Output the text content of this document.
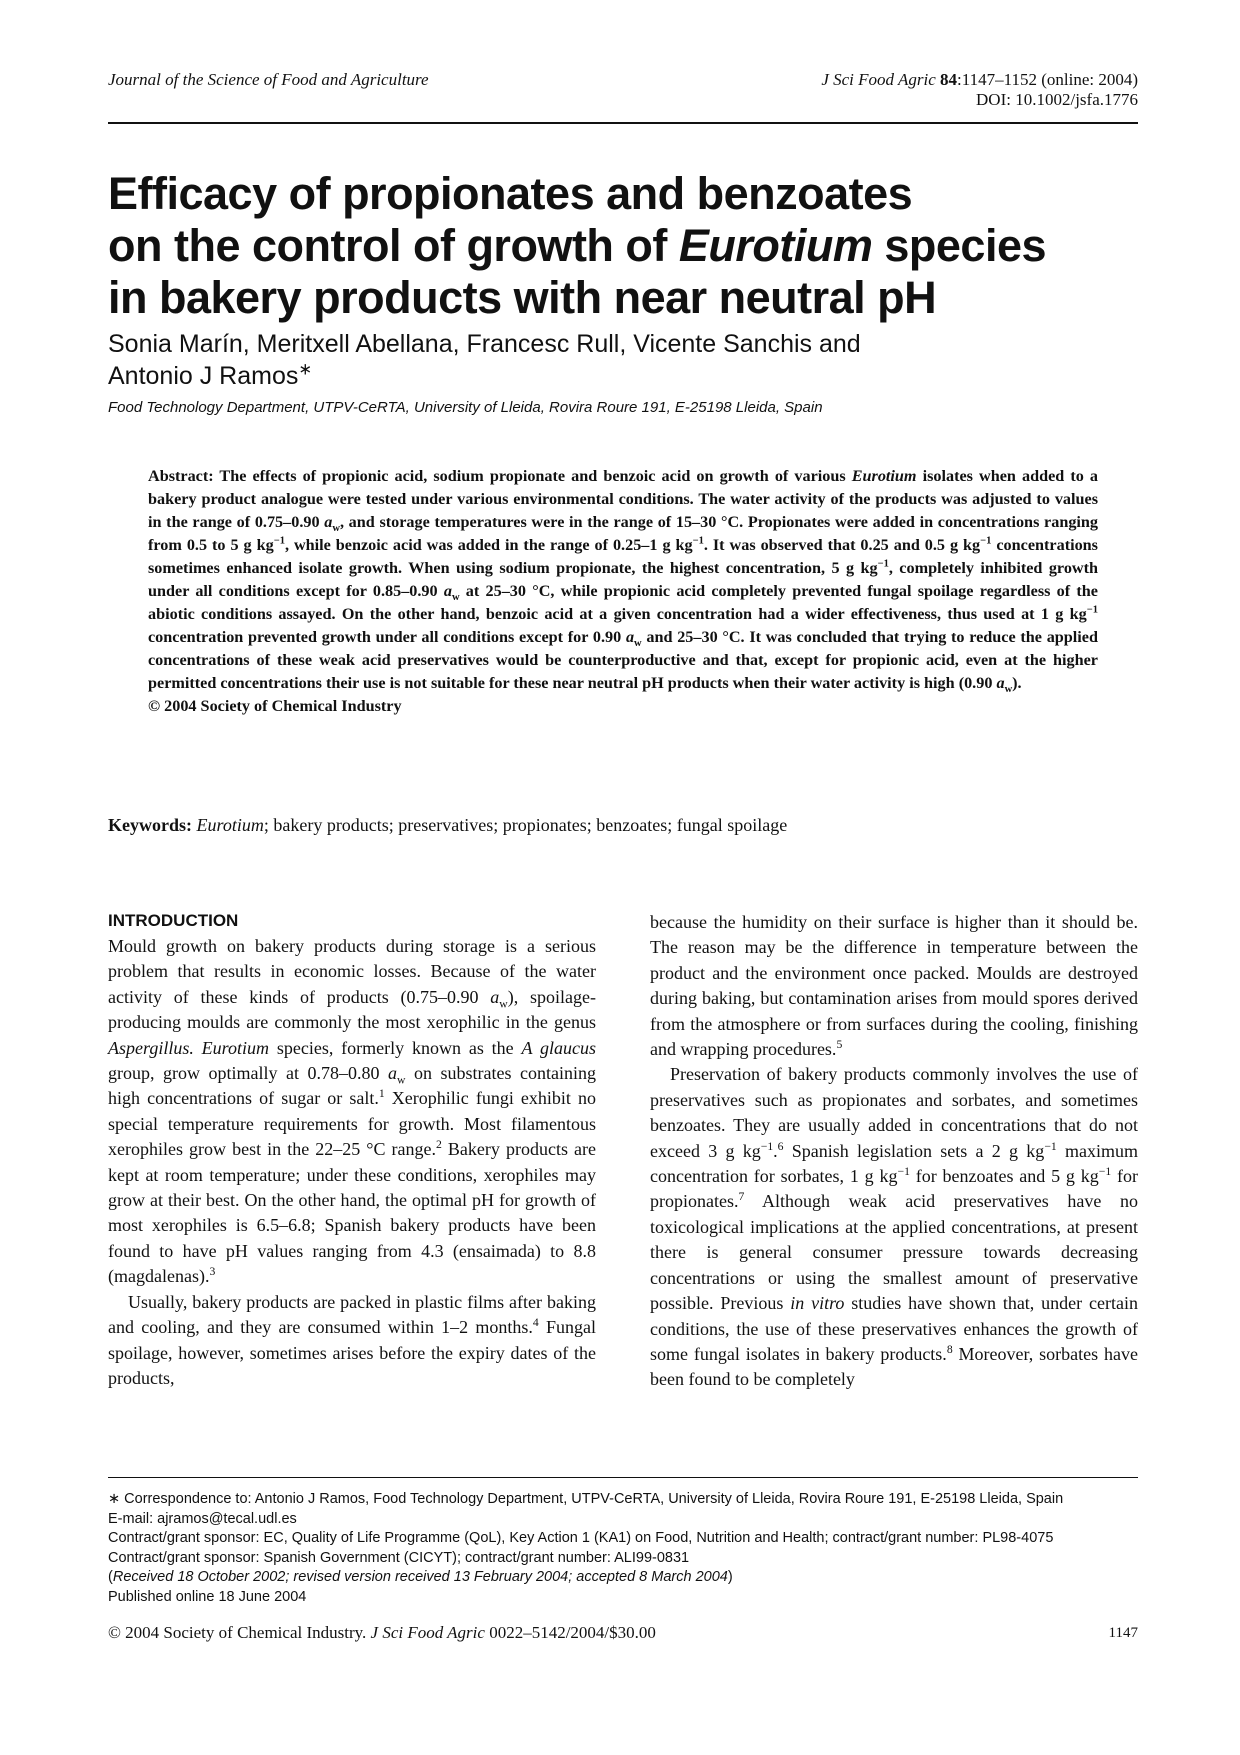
Journal of the Science of Food and Agriculture	J Sci Food Agric 84:1147–1152 (online: 2004)
DOI: 10.1002/jsfa.1776
Efficacy of propionates and benzoates
on the control of growth of Eurotium species
in bakery products with near neutral pH
Sonia Marín, Meritxell Abellana, Francesc Rull, Vicente Sanchis and
Antonio J Ramos∗
Food Technology Department, UTPV-CeRTA, University of Lleida, Rovira Roure 191, E-25198 Lleida, Spain

Abstract: The effects of propionic acid, sodium propionate and benzoic acid on growth of various Eurotium isolates when added to a bakery product analogue were tested under various environmental conditions. The water activity of the products was adjusted to values in the range of 0.75–0.90 $a_w$, and storage temperatures were in the range of 15–30 °C. Propionates were added in concentrations ranging from 0.5 to 5 g $kg^{-1}$, while benzoic acid was added in the range of 0.25–1 g $kg^{-1}$. It was observed that 0.25 and 0.5 g $kg^{-1}$ concentrations sometimes enhanced isolate growth. When using sodium propionate, the highest concentration, 5 g $kg^{-1}$, completely inhibited growth under all conditions except for 0.85–0.90 $a_w$ at 25–30 °C, while propionic acid completely prevented fungal spoilage regardless of the abiotic conditions assayed. On the other hand, benzoic acid at a given concentration had a wider effectiveness, thus used at 1 g $kg^{-1}$ concentration prevented growth under all conditions except for 0.90 $a_w$ and 25–30 °C. It was concluded that trying to reduce the applied concentrations of these weak acid preservatives would be counterproductive and that, except for propionic acid, even at the higher permitted concentrations their use is not suitable for these near neutral pH products when their water activity is high (0.90 $a_w$).

© 2004 Society of Chemical Industry

Keywords: Eurotium; bakery products; preservatives; propionates; benzoates; fungal spoilage
INTRODUCTION

Mould growth on bakery products during storage is a serious problem that results in economic losses. Because of the water activity of these kinds of products (0.75–0.90 $a_w$), spoilage-producing moulds are commonly the most xerophilic in the genus Aspergillus. Eurotium species, formerly known as the A glaucus group, grow optimally at 0.78–0.80 $a_w$ on substrates containing high concentrations of sugar or salt.$^1$ Xerophilic fungi exhibit no special temperature requirements for growth. Most filamentous xerophiles grow best in the 22–25 °C range.$^2$ Bakery products are kept at room temperature; under these conditions, xerophiles may grow at their best. On the other hand, the optimal pH for growth of most xerophiles is 6.5–6.8; Spanish bakery products have been found to have pH values ranging from 4.3 (ensaimada) to 8.8 (magdalenas).$^3$

Usually, bakery products are packed in plastic films after baking and cooling, and they are consumed within 1–2 months.$^4$ Fungal spoilage, however, sometimes arises before the expiry dates of the products,

because the humidity on their surface is higher than it should be. The reason may be the difference in temperature between the product and the environment once packed. Moulds are destroyed during baking, but contamination arises from mould spores derived from the atmosphere or from surfaces during the cooling, finishing and wrapping procedures.$^5$

Preservation of bakery products commonly involves the use of preservatives such as propionates and sorbates, and sometimes benzoates. They are usually added in concentrations that do not exceed 3 g $kg^{-1}.^6$ Spanish legislation sets a 2 g $kg^{-1}$ maximum concentration for sorbates, 1 g $kg^{-1}$ for benzoates and 5 g $kg^{-1}$ for propionates.$^7$ Although weak acid preservatives have no toxicological implications at the applied concentrations, at present there is general consumer pressure towards decreasing concentrations or using the smallest amount of preservative possible. Previous in vitro studies have shown that, under certain conditions, the use of these preservatives enhances the growth of some fungal isolates in bakery products.$^8$ Moreover, sorbates have been found to be completely

∗ Correspondence to: Antonio J Ramos, Food Technology Department, UTPV-CeRTA, University of Lleida, Rovira Roure 191, E-25198 Lleida, Spain
E-mail: ajramos@tecal.udl.es
Contract/grant sponsor: EC, Quality of Life Programme (QoL), Key Action 1 (KA1) on Food, Nutrition and Health; contract/grant number: PL98-4075
Contract/grant sponsor: Spanish Government (CICYT); contract/grant number: ALI99-0831
(Received 18 October 2002; revised version received 13 February 2004; accepted 8 March 2004)
Published online 18 June 2004
© 2004 Society of Chemical Industry. J Sci Food Agric 0022–5142/2004/$30.00	1147
